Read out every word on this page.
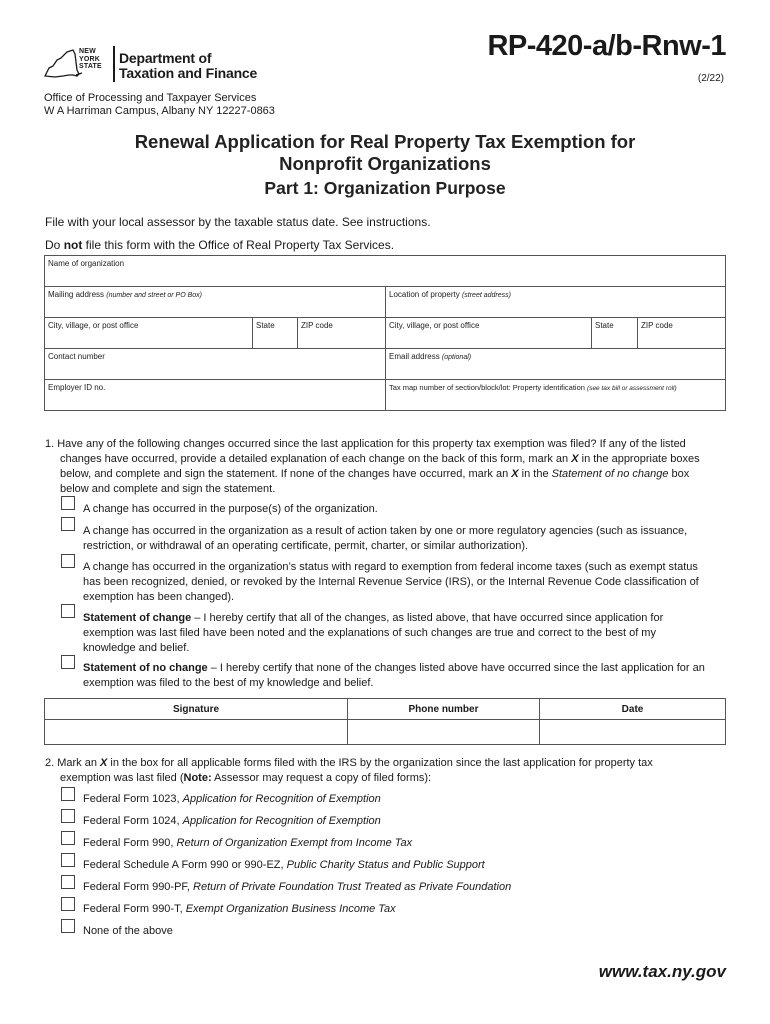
NEW
YORK
STATE
Department of
Taxation and Finance
RP-420-a/b-Rnw-1
(2/22)
Office of Processing and Taxpayer Services
W A Harriman Campus, Albany NY 12227-0863
Renewal Application for Real Property Tax Exemption for
Nonprofit Organizations
Part 1: Organization Purpose
File with your local assessor by the taxable status date. See instructions.
Do not file this form with the Office of Real Property Tax Services.
Name of organization
Mailing address (number and street or PO Box)	Location of property (street address)
City, village, or post office	State	ZIP code	City, village, or post office	State	ZIP code
Contact number	Email address (optional)
Employer ID no.	Tax map number of section/block/lot: Property identification (see tax bill or assessment roll)
1. Have any of the following changes occurred since the last application for this property tax exemption was filed? If any of the listed
changes have occurred, provide a detailed explanation of each change on the back of this form, mark an X in the appropriate boxes
below, and complete and sign the statement. If none of the changes have occurred, mark an X in the Statement of no change box
below and complete and sign the statement.
A change has occurred in the purpose(s) of the organization.
A change has occurred in the organization as a result of action taken by one or more regulatory agencies (such as issuance,
restriction, or withdrawal of an operating certificate, permit, charter, or similar authorization).
A change has occurred in the organization’s status with regard to exemption from federal income taxes (such as exempt status
has been recognized, denied, or revoked by the Internal Revenue Service (IRS), or the Internal Revenue Code classification of
exemption has been changed).
Statement of change – I hereby certify that all of the changes, as listed above, that have occurred since application for
exemption was last filed have been noted and the explanations of such changes are true and correct to the best of my
knowledge and belief.
Statement of no change – I hereby certify that none of the changes listed above have occurred since the last application for an
exemption was filed to the best of my knowledge and belief.
Signature	Phone number	Date
2. Mark an X in the box for all applicable forms filed with the IRS by the organization since the last application for property tax
exemption was last filed (Note: Assessor may request a copy of filed forms):
Federal Form 1023, Application for Recognition of Exemption
Federal Form 1024, Application for Recognition of Exemption
Federal Form 990, Return of Organization Exempt from Income Tax
Federal Schedule A Form 990 or 990-EZ, Public Charity Status and Public Support
Federal Form 990-PF, Return of Private Foundation Trust Treated as Private Foundation
Federal Form 990-T, Exempt Organization Business Income Tax
None of the above
www.tax.ny.gov
